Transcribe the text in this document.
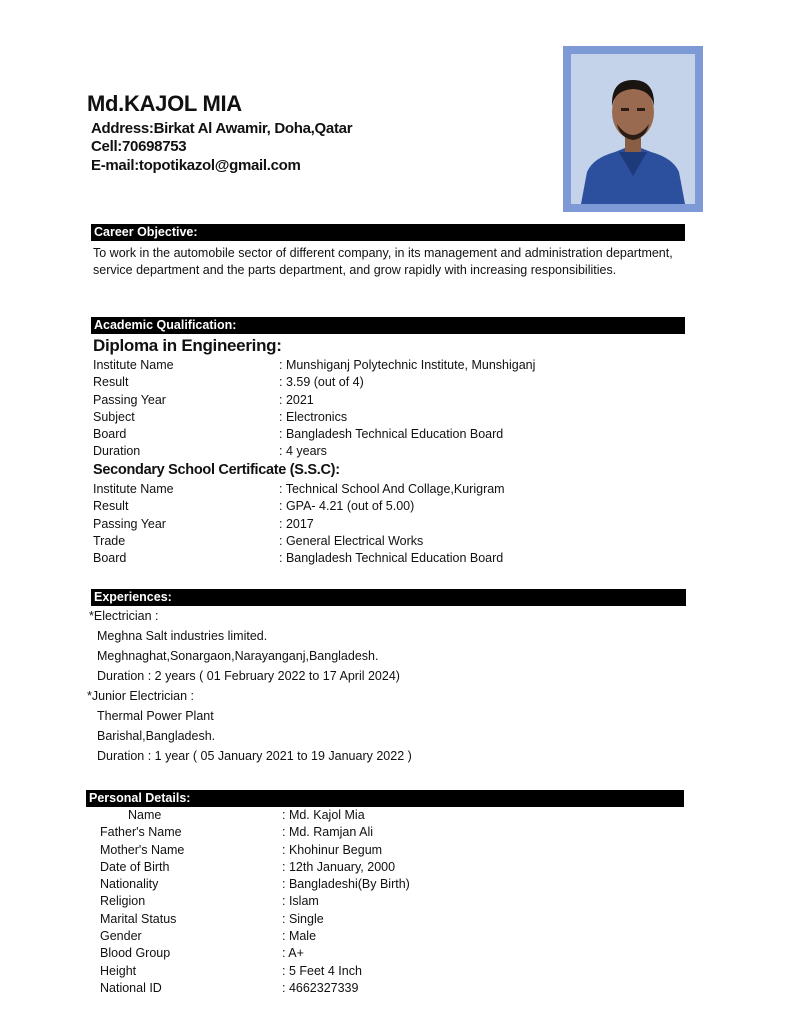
Md.KAJOL MIA
Address:Birkat Al Awamir, Doha,Qatar
Cell:70698753
E-mail:topotikazol@gmail.com
Career Objective:
To work in the automobile sector of different company, in its management and administration department, service department and the parts department, and grow rapidly with increasing responsibilities.
Academic Qualification:
Diploma in Engineering:
Institute Name	: Munshiganj Polytechnic Institute, Munshiganj
Result	: 3.59 (out of 4)
Passing Year	: 2021
Subject	: Electronics
Board	: Bangladesh Technical Education Board
Duration	: 4 years
Secondary School Certificate (S.S.C):
Institute Name	: Technical School And Collage,Kurigram
Result	: GPA- 4.21 (out of 5.00)
Passing Year	: 2017
Trade	: General Electrical Works
Board	: Bangladesh Technical Education Board
Experiences:
*Electrician :
Meghna Salt industries limited.
Meghnaghat,Sonargaon,Narayanganj,Bangladesh.
Duration : 2 years ( 01 February 2022 to 17 April 2024)
*Junior Electrician :
Thermal Power Plant
Barishal,Bangladesh.
Duration : 1 year ( 05 January 2021 to 19 January 2022 )
Personal Details:
Name	: Md. Kajol Mia
Father's Name	: Md. Ramjan Ali
Mother's Name	: Khohinur Begum
Date of Birth	: 12th January, 2000
Nationality	: Bangladeshi(By Birth)
Religion	: Islam
Marital Status	: Single
Gender	: Male
Blood Group	: A+
Height	: 5 Feet 4 Inch
National ID	: 4662327339
